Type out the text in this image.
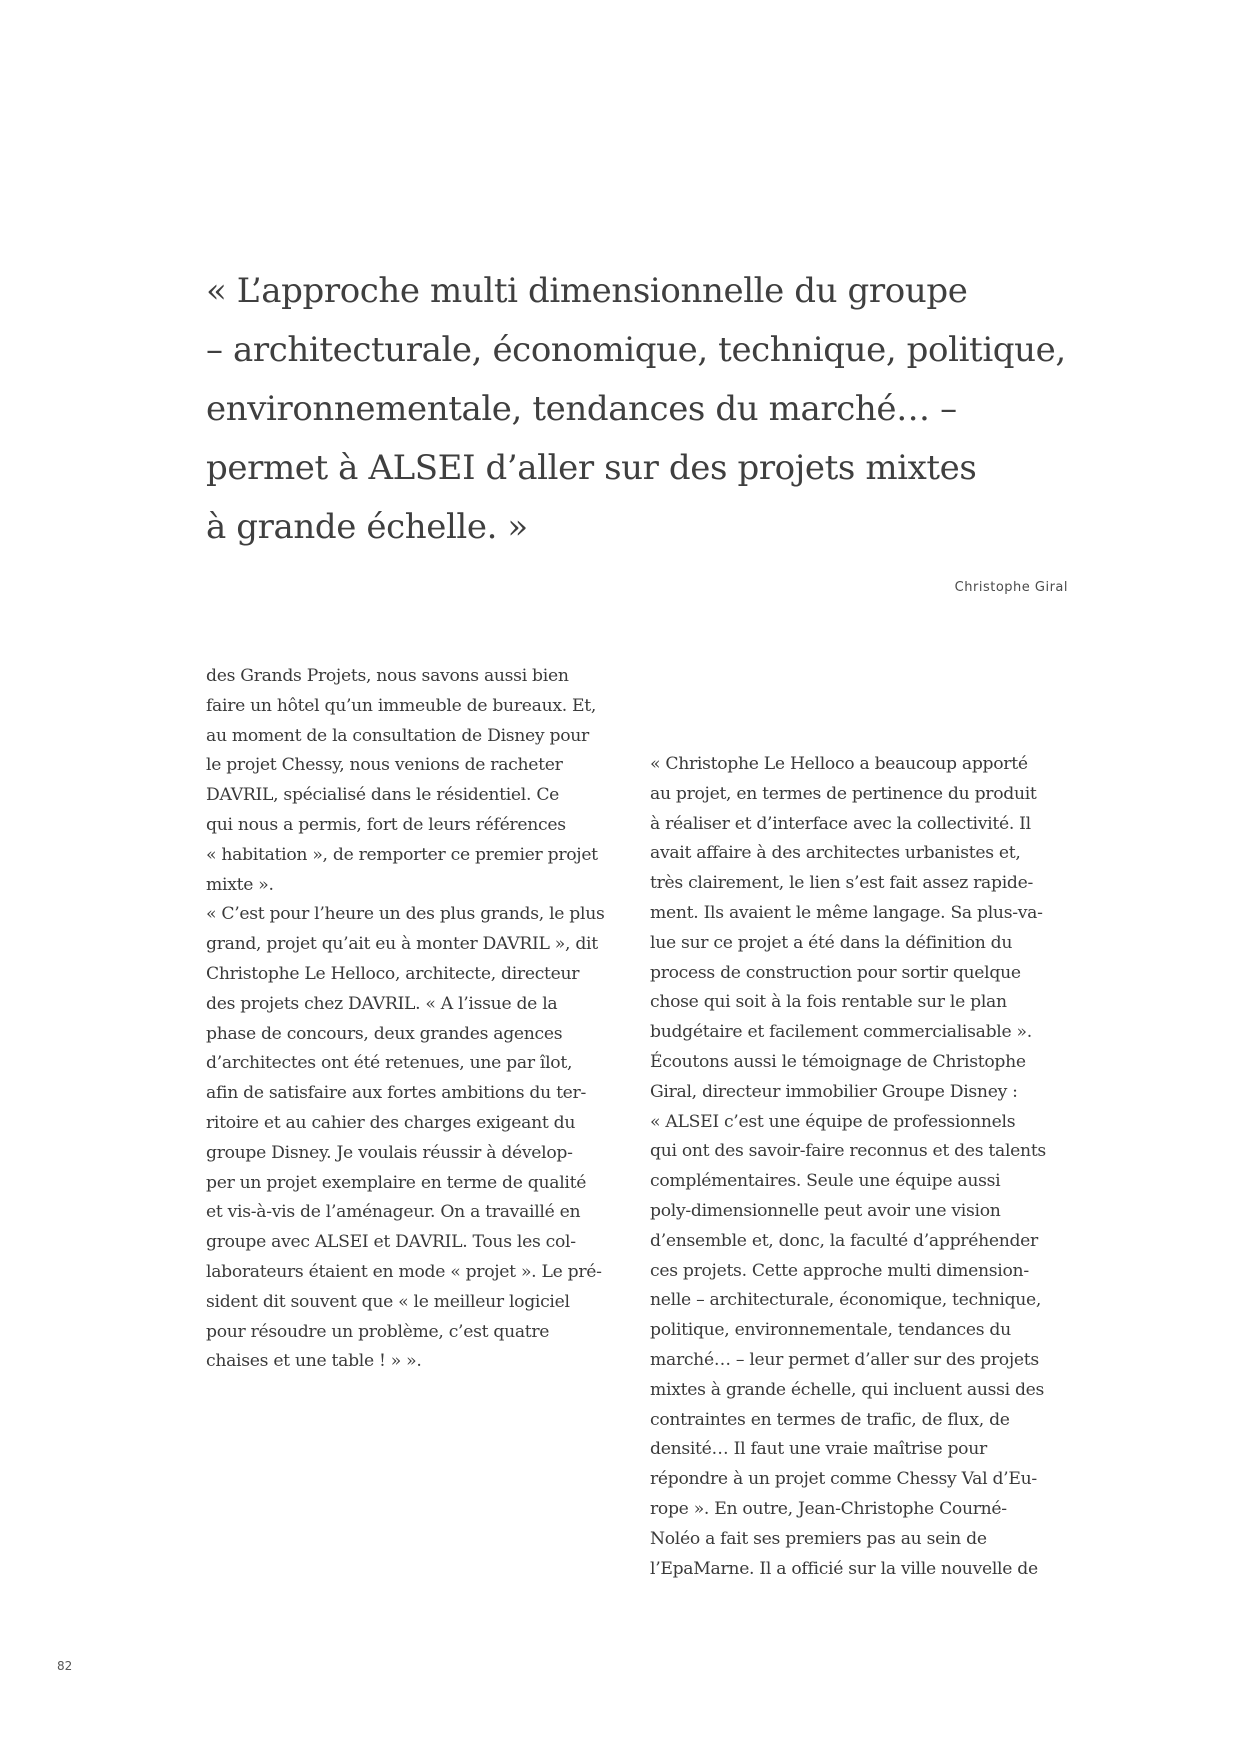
« L’approche multi dimensionnelle du groupe
– architecturale, économique, technique, politique,
environnementale, tendances du marché… –
permet à ALSEI d’aller sur des projets mixtes
à grande échelle. »
Christophe Giral
des Grands Projets, nous savons aussi bien
faire un hôtel qu’un immeuble de bureaux. Et,
au moment de la consultation de Disney pour
le projet Chessy, nous venions de racheter
DAVRIL, spécialisé dans le résidentiel. Ce
qui nous a permis, fort de leurs références
« habitation », de remporter ce premier projet
mixte ».
« C’est pour l’heure un des plus grands, le plus
grand, projet qu’ait eu à monter DAVRIL », dit
Christophe Le Helloco, architecte, directeur
des projets chez DAVRIL. « A l’issue de la
phase de concours, deux grandes agences
d’architectes ont été retenues, une par îlot,
afin de satisfaire aux fortes ambitions du ter-
ritoire et au cahier des charges exigeant du
groupe Disney. Je voulais réussir à dévelop-
per un projet exemplaire en terme de qualité
et vis-à-vis de l’aménageur. On a travaillé en
groupe avec ALSEI et DAVRIL. Tous les col-
laborateurs étaient en mode « projet ». Le pré-
sident dit souvent que « le meilleur logiciel
pour résoudre un problème, c’est quatre
chaises et une table ! » ».
« Christophe Le Helloco a beaucoup apporté
au projet, en termes de pertinence du produit
à réaliser et d’interface avec la collectivité. Il
avait affaire à des architectes urbanistes et,
très clairement, le lien s’est fait assez rapide-
ment. Ils avaient le même langage. Sa plus-va-
lue sur ce projet a été dans la définition du
process de construction pour sortir quelque
chose qui soit à la fois rentable sur le plan
budgétaire et facilement commercialisable ».
Écoutons aussi le témoignage de Christophe
Giral, directeur immobilier Groupe Disney :
« ALSEI c’est une équipe de professionnels
qui ont des savoir-faire reconnus et des talents
complémentaires. Seule une équipe aussi
poly-dimensionnelle peut avoir une vision
d’ensemble et, donc, la faculté d’appréhender
ces projets. Cette approche multi dimension-
nelle – architecturale, économique, technique,
politique, environnementale, tendances du
marché… – leur permet d’aller sur des projets
mixtes à grande échelle, qui incluent aussi des
contraintes en termes de trafic, de flux, de
densité… Il faut une vraie maîtrise pour
répondre à un projet comme Chessy Val d’Eu-
rope ». En outre, Jean-Christophe Courné-
Noléo a fait ses premiers pas au sein de
l’EpaMarne. Il a officié sur la ville nouvelle de
82
